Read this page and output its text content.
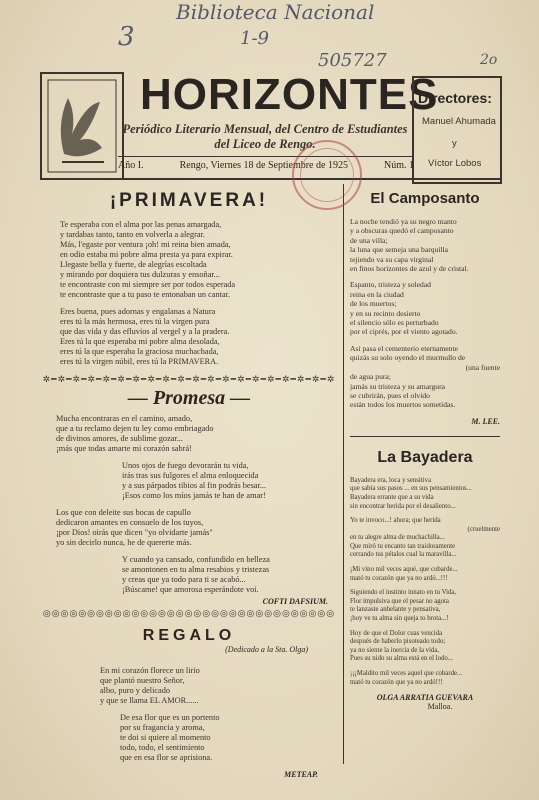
Biblioteca Nacional
3	1-9
505727	2o
HORIZONTES
Periódico Literario Mensual, del Centro de Estudiantes del Liceo de Rengo.
Directores:
Manuel Ahumada
y
Víctor Lobos
Año I.	Rengo, Viernes 18 de Septiembre de 1925	Núm. 1
¡PRIMAVERA!

Te esperaba con el alma por las penas amargada,

y tardabas tanto, tanto en volverla a alegrar.

Más, l'egaste por ventura ¡oh! mi reina bien amada,

en odio estaba mi pobre alma presta ya para expirar.

Llegaste bella y fuerte, de alegrías escoltada

y mirando por doquiera tus dulzuras y ensoñar...

te encontraste con mi siempre ser por todos esperada

te encontraste que a tu paso te entonaban un cantar.

Eres buena, pues adornas y engalanas a Natura

eres tú la más hermosa, eres tú la virgen pura

que das vida y das efluvios al vergel y a la pradera.

Eres tú la que esperaba mi pobre alma desolada,

eres tú la que esperaba la graciosa muchachada,

eres tú la virgen núbil, eres tú la PRIMAVERA.

✲━✲━✲━✲━✲━✲━✲━✲━✲━✲━✲━✲━✲━✲━✲━✲━✲━✲━✲━✲
— Promesa —

Mucha encontraras en el camino, amado,

que a tu reclamo dejen tu ley como embriagado

de divinos amores, de sublime gozar...

¡más que todas amarte mi corazón sabrá!

Unos ojos de fuego devorarán tu vida,

irás tras sus fulgores el alma enloquecida

y a sus párpados tibios al fin podrás besar...

¡Esos como los míos jamás te han de amar!

Los que con deleite sus bocas de capullo

dedicaron amantes en consuelo de los tuyos,

¡por Dios! oirás que dicen "yo olvidarte jamás"

yo sin decirlo nunca, he de quererte más.

Y cuando ya cansado, confundido en belleza

se amontonen en tu alma resabios y tristezas

y creas que ya todo para ti se acabó...

¡Búscame! que amorosa esperándote voi.

COFTI DAFSIUM.
◎◎◎◎◎◎◎◎◎◎◎◎◎◎◎◎◎◎◎◎◎◎◎◎◎◎◎◎◎◎◎◎◎
REGALO
(Dedicado a la Sta. Olga)

En mi corazón florece un lirio

que plantó nuestro Señor,

albo, puro y delicado

y que se llama EL AMOR......

De esa flor que es un portento

por su fragancia y aroma,

te doi si quiere al momento

todo, todo, el sentimiento

que en esa flor se aprisiona.

METEAP.
El Camposanto

La noche tendió ya su negro manto

y a obscuras quedó el camposanto

de una villa;

la luna que semeja una barquilla

tejiendo va su capa virginal

en finos horizontes de azul y de cristal.

Espanto, tristeza y soledad

reina en la ciudad

de los muertos;

y en su recinto desierto

el silencio sólo es perturbado

por el ciprés, por el viento agotado.

Así pasa el cementerio eternamente

quizás su solo oyendo el murmullo de

(una fuente

de agua pura;

jamás su tristeza y su amargura

se cubrirán, pues el olvido

están todos los muertos sometidas.

M. LEE.
La Bayadera

Bayadera era, loca y sensitiva

que sabía sus pasos ... en sus pensamientos...

Bayadera errante que a su vida

sin encontrar herida por el desaliento...

Yo te invoco...! ahora; que herida

(cruelmente

en tu alegre alma de muchachilla...

Que miró tu encanto tan traidoramente

cerrando tus pétalos cual la maravilla...

¡Mi vino mil veces aqué, que cobarde...

mató tu corazón que ya no ardó...!!!

Siguiendo el instinto innato en tu Vida,

Flor impulsiva que el pesar no agota

te lanzaste anhelante y pensativa,

¡hoy ve tu alma sin queja to brota...!

Hoy de que el Dolor cuas vencida

después de haberlo pisoteado todo;

ya no siente la inercia de la vida,

Pues su nido su alma está en el lodo...

¡¡¡Maldito mil veces aquel que cobarde...

mató tu corazón que ya no ardó!!!

OLGA ARRATIA GUEVARA
Malloa.
